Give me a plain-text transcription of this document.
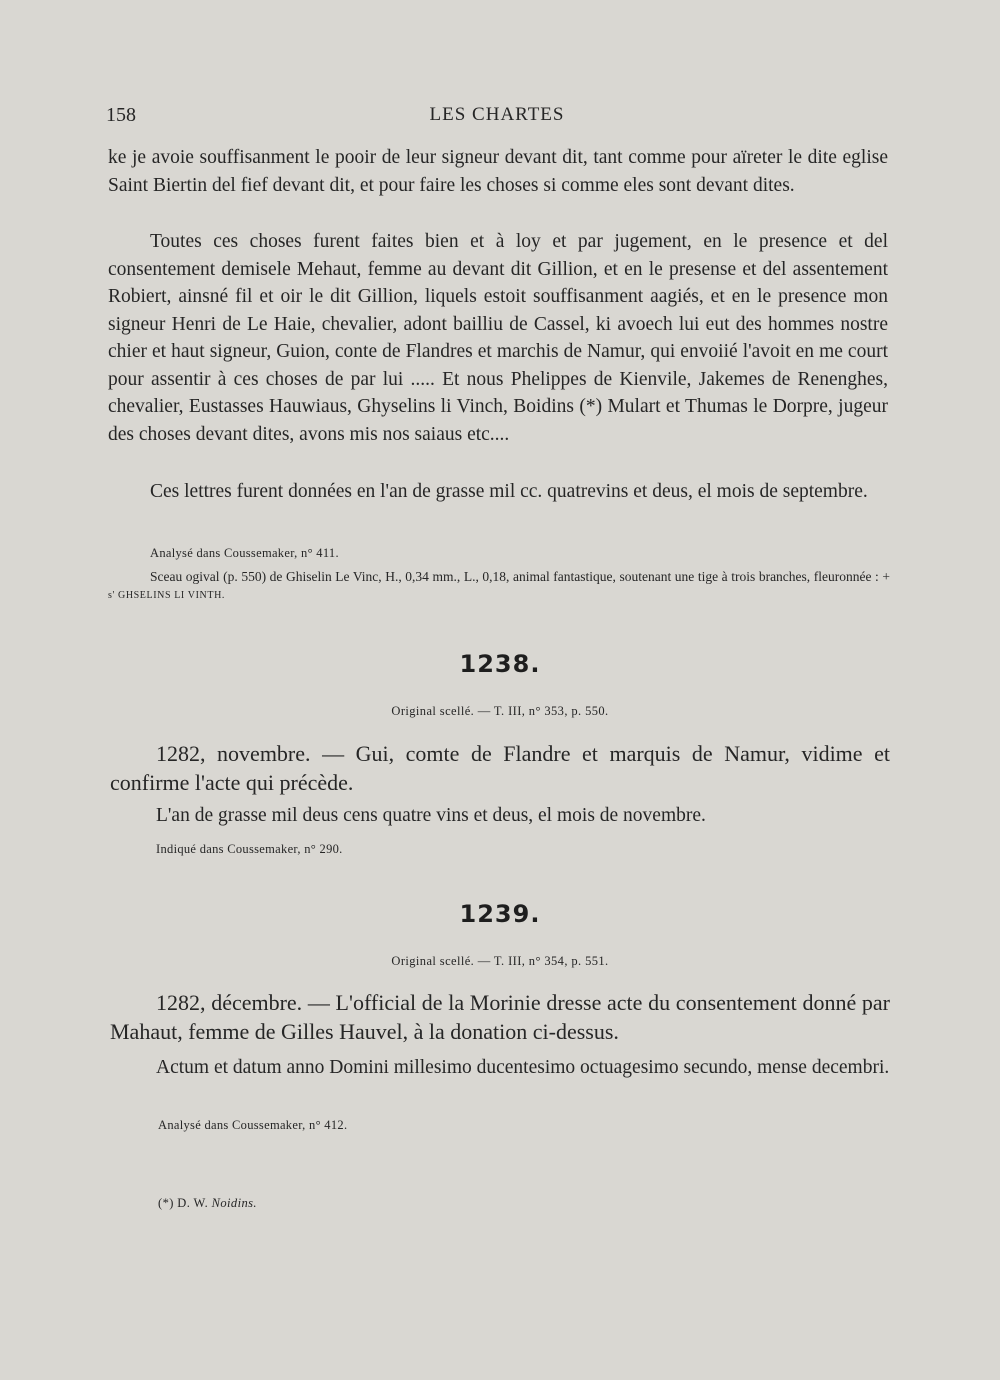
158	LES CHARTES

ke je avoie souffisanment le pooir de leur signeur devant dit, tant comme pour aïreter le dite eglise Saint Biertin del fief devant dit, et pour faire les choses si comme eles sont devant dites.

Toutes ces choses furent faites bien et à loy et par jugement, en le presence et del consentement demisele Mehaut, femme au devant dit Gillion, et en le presense et del assentement Robiert, ainsné fil et oir le dit Gillion, liquels estoit souffisanment aagiés, et en le presence mon signeur Henri de Le Haie, chevalier, adont bailliu de Cassel, ki avoech lui eut des hommes nostre chier et haut signeur, Guion, conte de Flandres et marchis de Namur, qui envoiié l'avoit en me court pour assentir à ces choses de par lui ..... Et nous Phelippes de Kienvile, Jakemes de Renenghes, chevalier, Eustasses Hauwiaus, Ghyselins li Vinch, Boidins (*) Mulart et Thumas le Dorpre, jugeur des choses devant dites, avons mis nos saiaus etc....

Ces lettres furent données en l'an de grasse mil cc. quatrevins et deus, el mois de septembre.

Analysé dans Coussemaker, n° 411.
Sceau ogival (p. 550) de Ghiselin Le Vinc, H., 0,34 mm., L., 0,18, animal fantastique, soutenant une tige à trois branches, fleuronnée : + s' GHSELINS LI VINTH.
1238.
Original scellé. — T. III, n° 353, p. 550.
1282, novembre. — Gui, comte de Flandre et marquis de Namur, vidime et confirme l'acte qui précède.
L'an de grasse mil deus cens quatre vins et deus, el mois de novembre.
Indiqué dans Coussemaker, n° 290.
1239.
Original scellé. — T. III, n° 354, p. 551.
1282, décembre. — L'official de la Morinie dresse acte du consentement donné par Mahaut, femme de Gilles Hauvel, à la donation ci-dessus.
Actum et datum anno Domini millesimo ducentesimo octuagesimo secundo, mense decembri.
Analysé dans Coussemaker, n° 412.
(*) D. W. Noidins.
